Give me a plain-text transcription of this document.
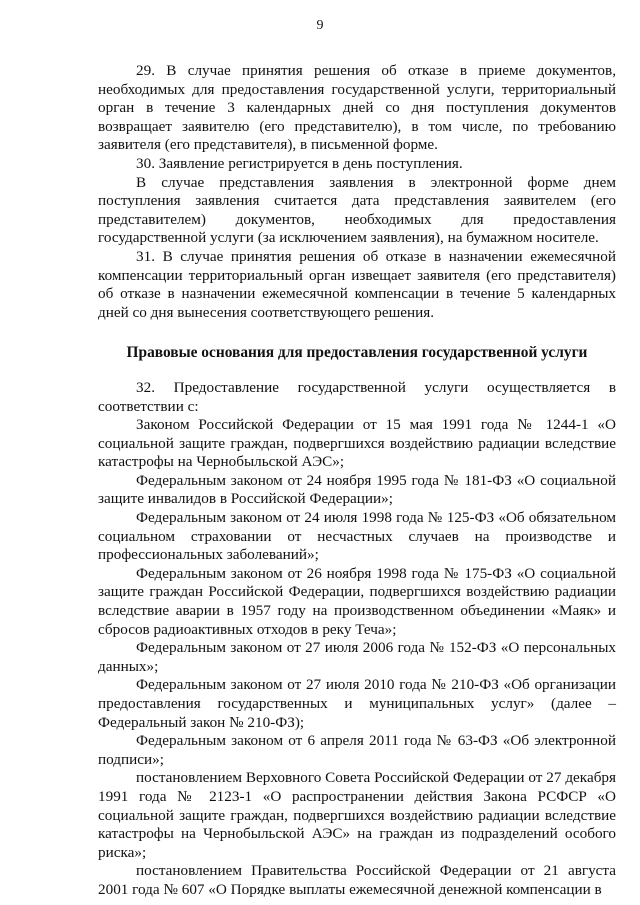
9

29. В случае принятия решения об отказе в приеме документов, необходимых для предоставления государственной услуги, территориальный орган в течение 3 календарных дней со дня поступления документов возвращает заявителю (его представителю), в том числе, по требованию заявителя (его представителя), в письменной форме.

30. Заявление регистрируется в день поступления.

В случае представления заявления в электронной форме днем поступления заявления считается дата представления заявителем (его представителем) документов, необходимых для предоставления государственной услуги (за исключением заявления), на бумажном носителе.

31. В случае принятия решения об отказе в назначении ежемесячной компенсации территориальный орган извещает заявителя (его представителя) об отказе в назначении ежемесячной компенсации в течение 5 календарных дней со дня вынесения соответствующего решения.

Правовые основания для предоставления государственной услуги

32. Предоставление государственной услуги осуществляется в соответствии с:

Законом Российской Федерации от 15 мая 1991 года № 1244-1 «О социальной защите граждан, подвергшихся воздействию радиации вследствие катастрофы на Чернобыльской АЭС»;

Федеральным законом от 24 ноября 1995 года № 181-ФЗ «О социальной защите инвалидов в Российской Федерации»;

Федеральным законом от 24 июля 1998 года № 125-ФЗ «Об обязательном социальном страховании от несчастных случаев на производстве и профессиональных заболеваний»;

Федеральным законом от 26 ноября 1998 года № 175-ФЗ «О социальной защите граждан Российской Федерации, подвергшихся воздействию радиации вследствие аварии в 1957 году на производственном объединении «Маяк» и сбросов радиоактивных отходов в реку Теча»;

Федеральным законом от 27 июля 2006 года № 152-ФЗ «О персональных данных»;

Федеральным законом от 27 июля 2010 года № 210-ФЗ «Об организации предоставления государственных и муниципальных услуг» (далее – Федеральный закон № 210-ФЗ);

Федеральным законом от 6 апреля 2011 года № 63-ФЗ «Об электронной подписи»;

постановлением Верховного Совета Российской Федерации от 27 декабря 1991 года № 2123-1 «О распространении действия Закона РСФСР «О социальной защите граждан, подвергшихся воздействию радиации вследствие катастрофы на Чернобыльской АЭС» на граждан из подразделений особого риска»;

постановлением Правительства Российской Федерации от 21 августа 2001 года № 607 «О Порядке выплаты ежемесячной денежной компенсации в
